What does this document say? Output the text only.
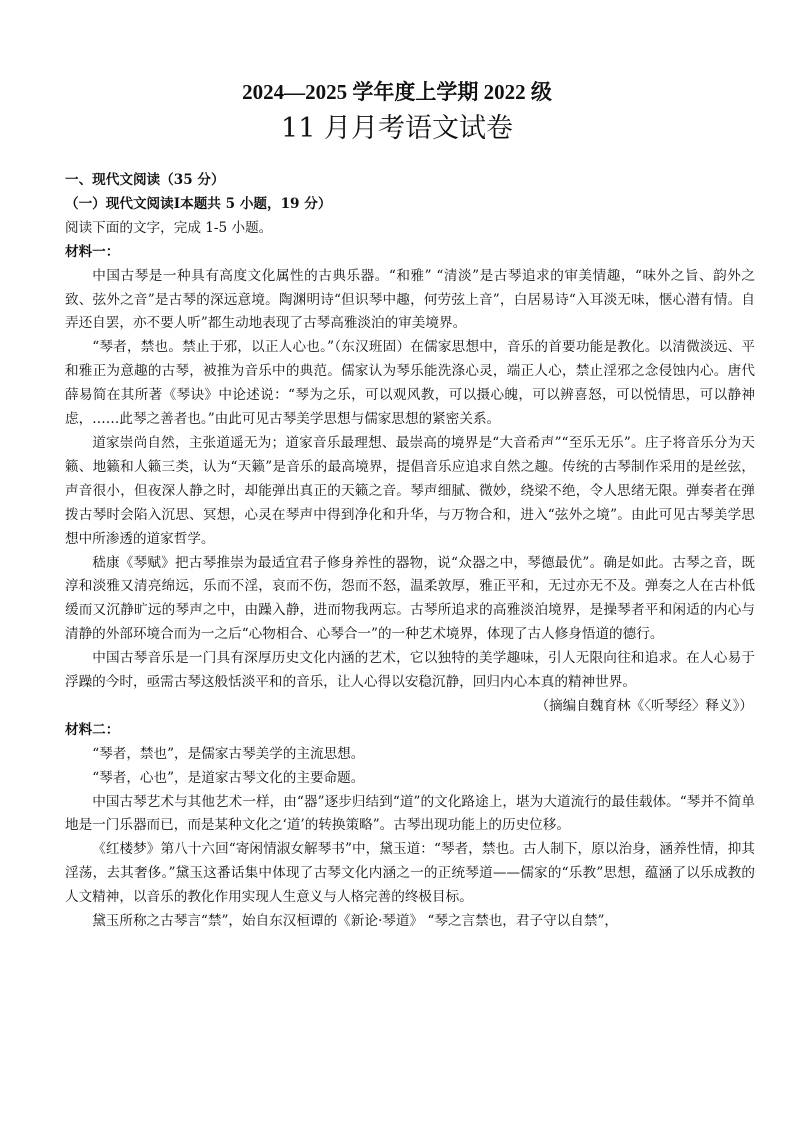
2024—2025 学年度上学期 2022 级
11 月月考语文试卷

一、现代文阅读（35 分）

（一）现代文阅读Ⅰ本题共 5 小题，19 分）

阅读下面的文字，完成 1-5 小题。

材料一：

中国古琴是一种具有高度文化属性的古典乐器。“和雅” “清淡”是古琴追求的审美情趣，“味外之旨、韵外之致、弦外之音”是古琴的深远意境。陶渊明诗“但识琴中趣，何劳弦上音”，白居易诗“入耳淡无味，惬心潜有情。自弄还自罢，亦不要人听”都生动地表现了古琴高雅淡泊的审美境界。

“琴者，禁也。禁止于邪，以正人心也。”（东汉班固）在儒家思想中，音乐的首要功能是教化。以清微淡远、平和雅正为意趣的古琴，被推为音乐中的典范。儒家认为琴乐能洗涤心灵，端正人心，禁止淫邪之念侵蚀内心。唐代薛易简在其所著《琴诀》中论述说：“琴为之乐，可以观风教，可以摄心魄，可以辨喜怒，可以悦情思，可以静神虑，……此琴之善者也。”由此可见古琴美学思想与儒家思想的紧密关系。

道家崇尚自然，主张道遥无为；道家音乐最理想、最崇高的境界是“大音希声”“至乐无乐”。庄子将音乐分为天籁、地籁和人籁三类，认为“天籁”是音乐的最高境界，提倡音乐应追求自然之趣。传统的古琴制作采用的是丝弦，声音很小，但夜深人静之时，却能弹出真正的天籁之音。琴声细腻、微妙，绕梁不绝，令人思绪无限。弹奏者在弹拨古琴时会陷入沉思、冥想，心灵在琴声中得到净化和升华，与万物合和，进入“弦外之境”。由此可见古琴美学思想中所渗透的道家哲学。

嵇康《琴赋》把古琴推崇为最适宜君子修身养性的器物，说“众器之中，琴德最优”。确是如此。古琴之音，既淳和淡雅又清亮绵远，乐而不淫，哀而不伤，怨而不怒，温柔敦厚，雅正平和，无过亦无不及。弹奏之人在古朴低缓而又沉静旷远的琴声之中，由躁入静，进而物我两忘。古琴所追求的高雅淡泊境界，是操琴者平和闲适的内心与清静的外部环境合而为一之后“心物相合、心琴合一”的一种艺术境界，体现了古人修身悟道的德行。

中国古琴音乐是一门具有深厚历史文化内涵的艺术，它以独特的美学趣味，引人无限向往和追求。在人心易于浮躁的今时，亟需古琴这般恬淡平和的音乐，让人心得以安稳沉静，回归内心本真的精神世界。

（摘编自魏育林《〈听琴经〉释义》）

材料二：

“琴者，禁也”，是儒家古琴美学的主流思想。

“琴者，心也”，是道家古琴文化的主要命题。

中国古琴艺术与其他艺术一样，由“器”逐步归结到“道”的文化路途上，堪为大道流行的最佳载体。“琴并不简单地是一门乐器而已，而是某种文化之‘道’的转换策略”。古琴出现功能上的历史位移。

《红楼梦》第八十六回“寄闲情淑女解琴书”中，黛玉道：“琴者，禁也。古人制下，原以治身，涵养性情，抑其淫荡，去其奢侈。”黛玉这番话集中体现了古琴文化内涵之一的正统琴道——儒家的“乐教”思想，蕴涵了以乐成教的人文精神，以音乐的教化作用实现人生意义与人格完善的终极目标。

黛玉所称之古琴言“禁”，始自东汉桓谭的《新论·琴道》 “琴之言禁也，君子守以自禁”，
